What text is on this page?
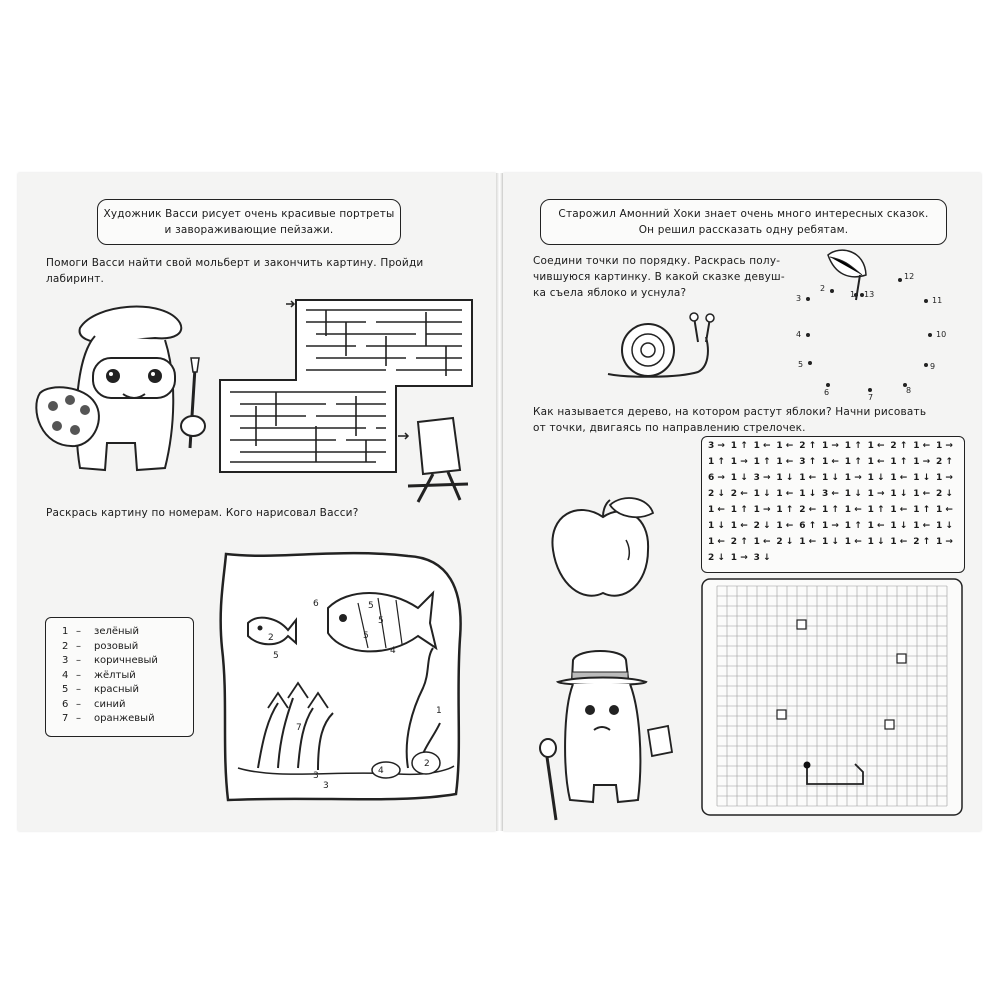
Художник Васси рисует очень красивые портреты
и завораживающие пейзажи.
Помоги Васси найти свой мольберт и закончить картину. Пройди
лабиринт.
Раскрась картину по номерам. Кого нарисовал Васси?
1 –	зелёный
2 –	розовый
3 –	коричневый
4 –	жёлтый
5 –	красный
6 –	синий
7 –	оранжевый
6	5
5
5
4
2
5
7
3
3
4
2
1
Старожил Амонний Хоки знает очень много интересных сказок.
Он решил рассказать одну ребятам.
Соедини точки по порядку. Раскрась полу-
чившуюся картинку. В какой сказке девуш-
ка съела яблоко и уснула?	1
2
3
4
5
6
7
8
9
10
11
12
13
Как называется дерево, на котором растут яблоки? Начни рисовать
от точки, двигаясь по направлению стрелочек.
3 → 1 ↑ 1 ← 1 ← 2 ↑ 1 → 1 ↑ 1 ← 2 ↑ 1 ← 1 →
1 ↑ 1 → 1 ↑ 1 ← 3 ↑ 1 ← 1 ↑ 1 ← 1 ↑ 1 → 2 ↑
6 → 1 ↓ 3 → 1 ↓ 1 ← 1 ↓ 1 → 1 ↓ 1 ← 1 ↓ 1 →
2 ↓ 2 ← 1 ↓ 1 ← 1 ↓ 3 ← 1 ↓ 1 → 1 ↓ 1 ← 2 ↓
1 ← 1 ↑ 1 → 1 ↑ 2 ← 1 ↑ 1 ← 1 ↑ 1 ← 1 ↑ 1 ←
1 ↓ 1 ← 2 ↓ 1 ← 6 ↑ 1 → 1 ↑ 1 ← 1 ↓ 1 ← 1 ↓
1 ← 2 ↑ 1 ← 2 ↓ 1 ← 1 ↓ 1 ← 1 ↓ 1 ← 2 ↑ 1 →
2 ↓ 1 → 3 ↓
